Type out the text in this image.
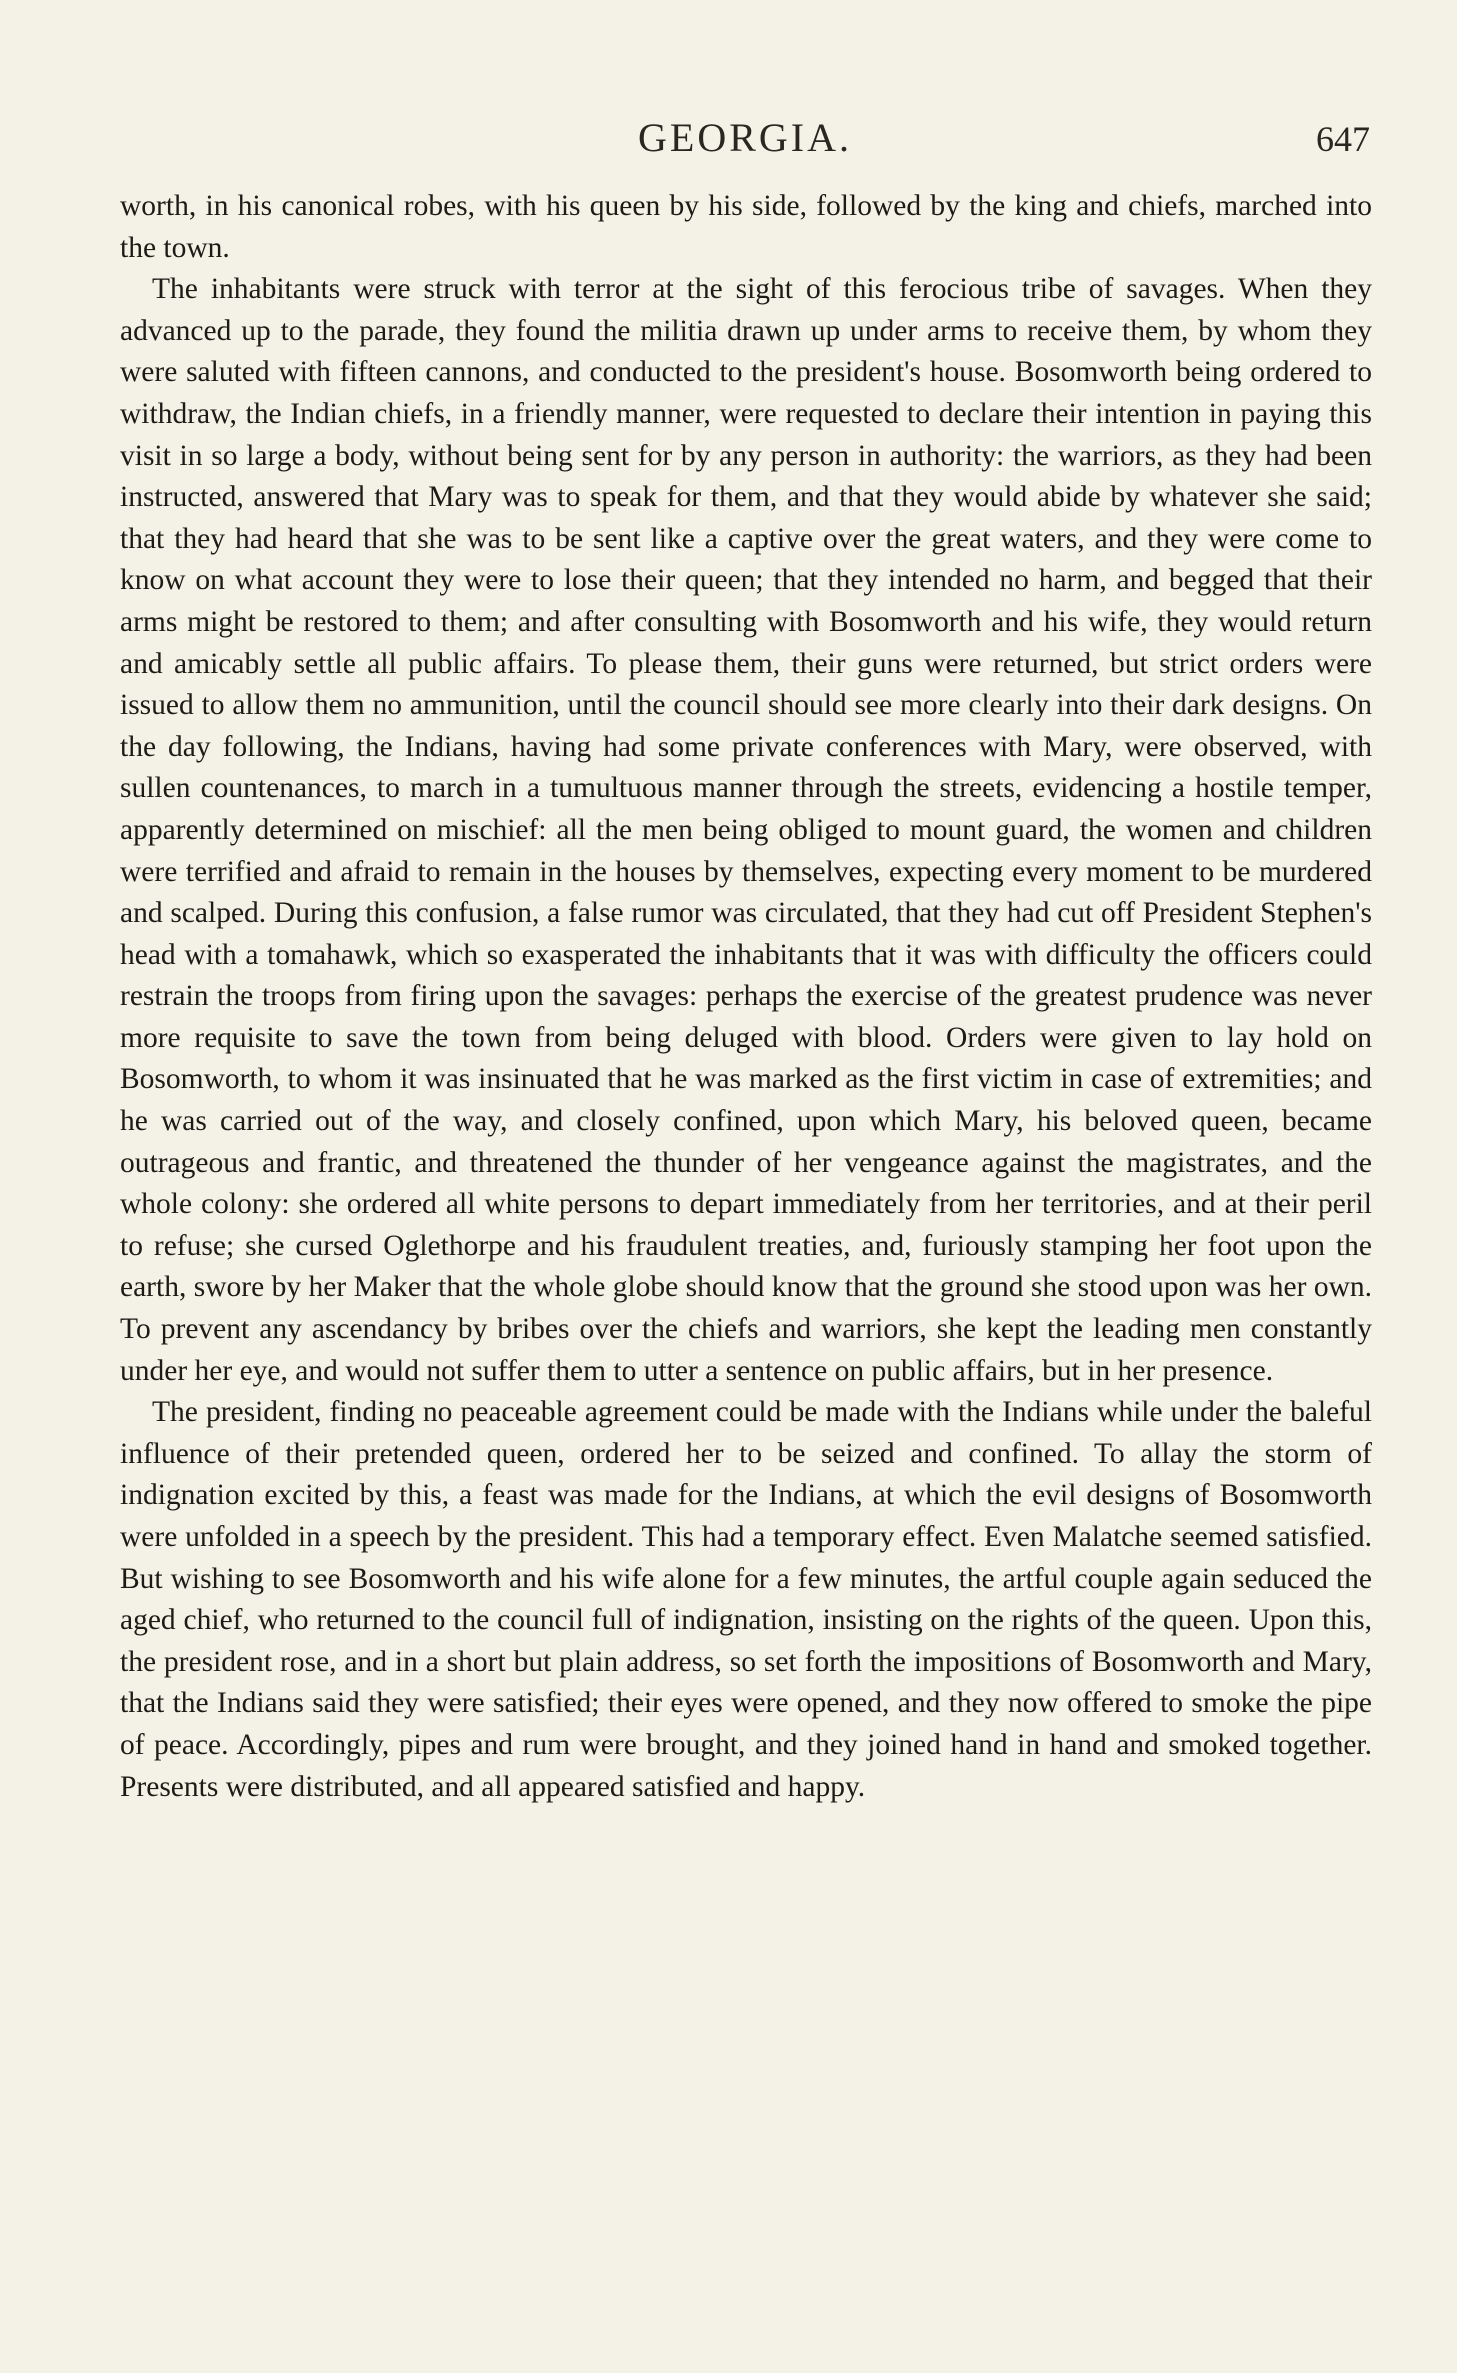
GEORGIA.	647

worth, in his canonical robes, with his queen by his side, followed by the king and chiefs, marched into the town.

The inhabitants were struck with terror at the sight of this ferocious tribe of savages. When they advanced up to the parade, they found the militia drawn up under arms to receive them, by whom they were saluted with fifteen cannons, and conducted to the president's house. Bosomworth being ordered to withdraw, the Indian chiefs, in a friendly manner, were requested to declare their intention in paying this visit in so large a body, without being sent for by any person in authority: the warriors, as they had been instructed, answered that Mary was to speak for them, and that they would abide by whatever she said; that they had heard that she was to be sent like a captive over the great waters, and they were come to know on what account they were to lose their queen; that they intended no harm, and begged that their arms might be restored to them; and after consulting with Bosomworth and his wife, they would return and amicably settle all public affairs. To please them, their guns were returned, but strict orders were issued to allow them no ammunition, until the council should see more clearly into their dark designs. On the day following, the Indians, having had some private conferences with Mary, were observed, with sullen countenances, to march in a tumultuous manner through the streets, evidencing a hostile temper, apparently determined on mischief: all the men being obliged to mount guard, the women and children were terrified and afraid to remain in the houses by themselves, expecting every moment to be murdered and scalped. During this confusion, a false rumor was circulated, that they had cut off President Stephen's head with a tomahawk, which so exasperated the inhabitants that it was with difficulty the officers could restrain the troops from firing upon the savages: perhaps the exercise of the greatest prudence was never more requisite to save the town from being deluged with blood. Orders were given to lay hold on Bosomworth, to whom it was insinuated that he was marked as the first victim in case of extremities; and he was carried out of the way, and closely confined, upon which Mary, his beloved queen, became outrageous and frantic, and threatened the thunder of her vengeance against the magistrates, and the whole colony: she ordered all white persons to depart immediately from her territories, and at their peril to refuse; she cursed Oglethorpe and his fraudulent treaties, and, furiously stamping her foot upon the earth, swore by her Maker that the whole globe should know that the ground she stood upon was her own. To prevent any ascendancy by bribes over the chiefs and warriors, she kept the leading men constantly under her eye, and would not suffer them to utter a sentence on public affairs, but in her presence.

The president, finding no peaceable agreement could be made with the Indians while under the baleful influence of their pretended queen, ordered her to be seized and confined. To allay the storm of indignation excited by this, a feast was made for the Indians, at which the evil designs of Bosomworth were unfolded in a speech by the president. This had a temporary effect. Even Malatche seemed satisfied. But wishing to see Bosomworth and his wife alone for a few minutes, the artful couple again seduced the aged chief, who returned to the council full of indignation, insisting on the rights of the queen. Upon this, the president rose, and in a short but plain address, so set forth the impositions of Bosomworth and Mary, that the Indians said they were satisfied; their eyes were opened, and they now offered to smoke the pipe of peace. Accordingly, pipes and rum were brought, and they joined hand in hand and smoked together. Presents were distributed, and all appeared satisfied and happy.
